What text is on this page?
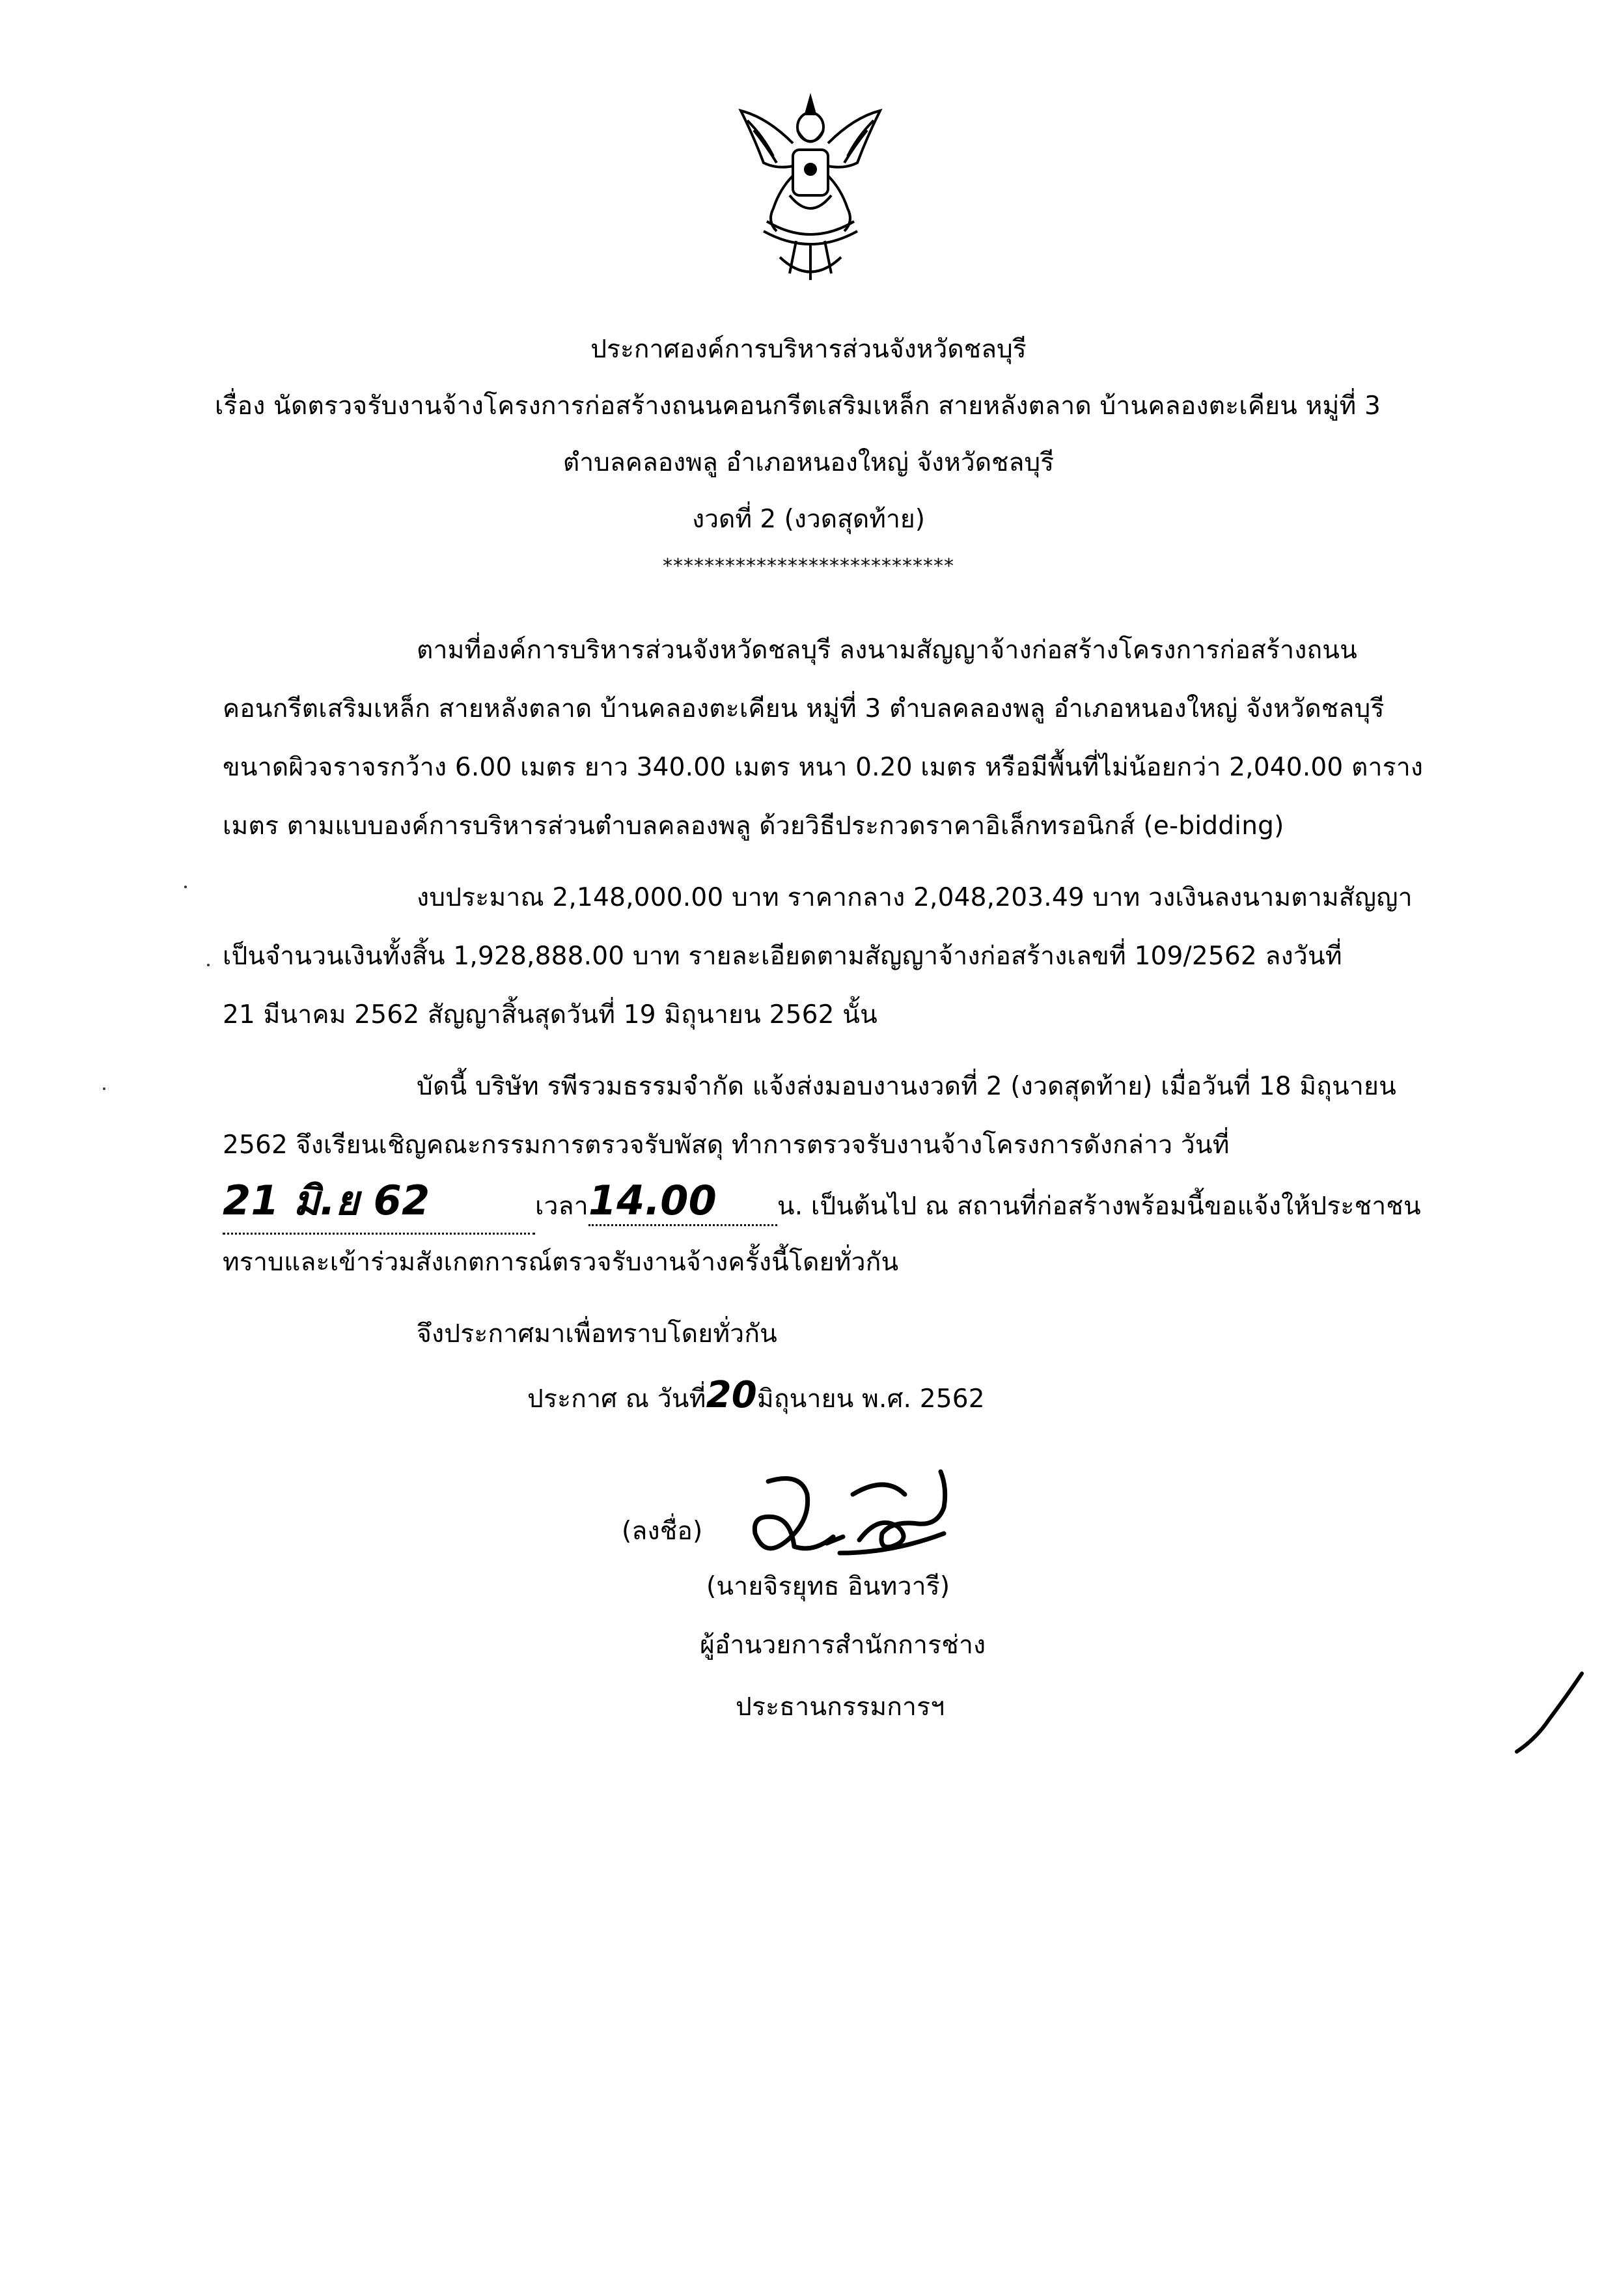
ประกาศองค์การบริหารส่วนจังหวัดชลบุรี
เรื่อง นัดตรวจรับงานจ้างโครงการก่อสร้างถนนคอนกรีตเสริมเหล็ก สายหลังตลาด บ้านคลองตะเคียน หมู่ที่ 3
ตำบลคลองพลู อำเภอหนองใหญ่ จังหวัดชลบุรี
งวดที่ 2 (งวดสุดท้าย)
****************************
ตามที่องค์การบริหารส่วนจังหวัดชลบุรี ลงนามสัญญาจ้างก่อสร้างโครงการก่อสร้างถนน
คอนกรีตเสริมเหล็ก สายหลังตลาด บ้านคลองตะเคียน หมู่ที่ 3 ตำบลคลองพลู อำเภอหนองใหญ่ จังหวัดชลบุรี
ขนาดผิวจราจรกว้าง 6.00 เมตร ยาว 340.00 เมตร หนา 0.20 เมตร หรือมีพื้นที่ไม่น้อยกว่า 2,040.00 ตาราง
เมตร ตามแบบองค์การบริหารส่วนตำบลคลองพลู ด้วยวิธีประกวดราคาอิเล็กทรอนิกส์ (e-bidding)
งบประมาณ 2,148,000.00 บาท ราคากลาง 2,048,203.49 บาท วงเงินลงนามตามสัญญา
เป็นจำนวนเงินทั้งสิ้น 1,928,888.00 บาท รายละเอียดตามสัญญาจ้างก่อสร้างเลขที่ 109/2562 ลงวันที่
21 มีนาคม 2562 สัญญาสิ้นสุดวันที่ 19 มิถุนายน 2562 นั้น
บัดนี้ บริษัท รพีรวมธรรมจำกัด แจ้งส่งมอบงานงวดที่ 2 (งวดสุดท้าย) เมื่อวันที่ 18 มิถุนายน
2562 จึงเรียนเชิญคณะกรรมการตรวจรับพัสดุ ทำการตรวจรับงานจ้างโครงการดังกล่าว วันที่
21 มิ.ย 62	เวลา14.00 น. เป็นต้นไป ณ สถานที่ก่อสร้างพร้อมนี้ขอแจ้งให้ประชาชน
ทราบและเข้าร่วมสังเกตการณ์ตรวจรับงานจ้างครั้งนี้โดยทั่วกัน
จึงประกาศมาเพื่อทราบโดยทั่วกัน
ประกาศ ณ วันที่20มิถุนายน พ.ศ. 2562
(ลงชื่อ)
(นายจิรยุทธ อินทวารี)
ผู้อำนวยการสำนักการช่าง
ประธานกรรมการฯ
